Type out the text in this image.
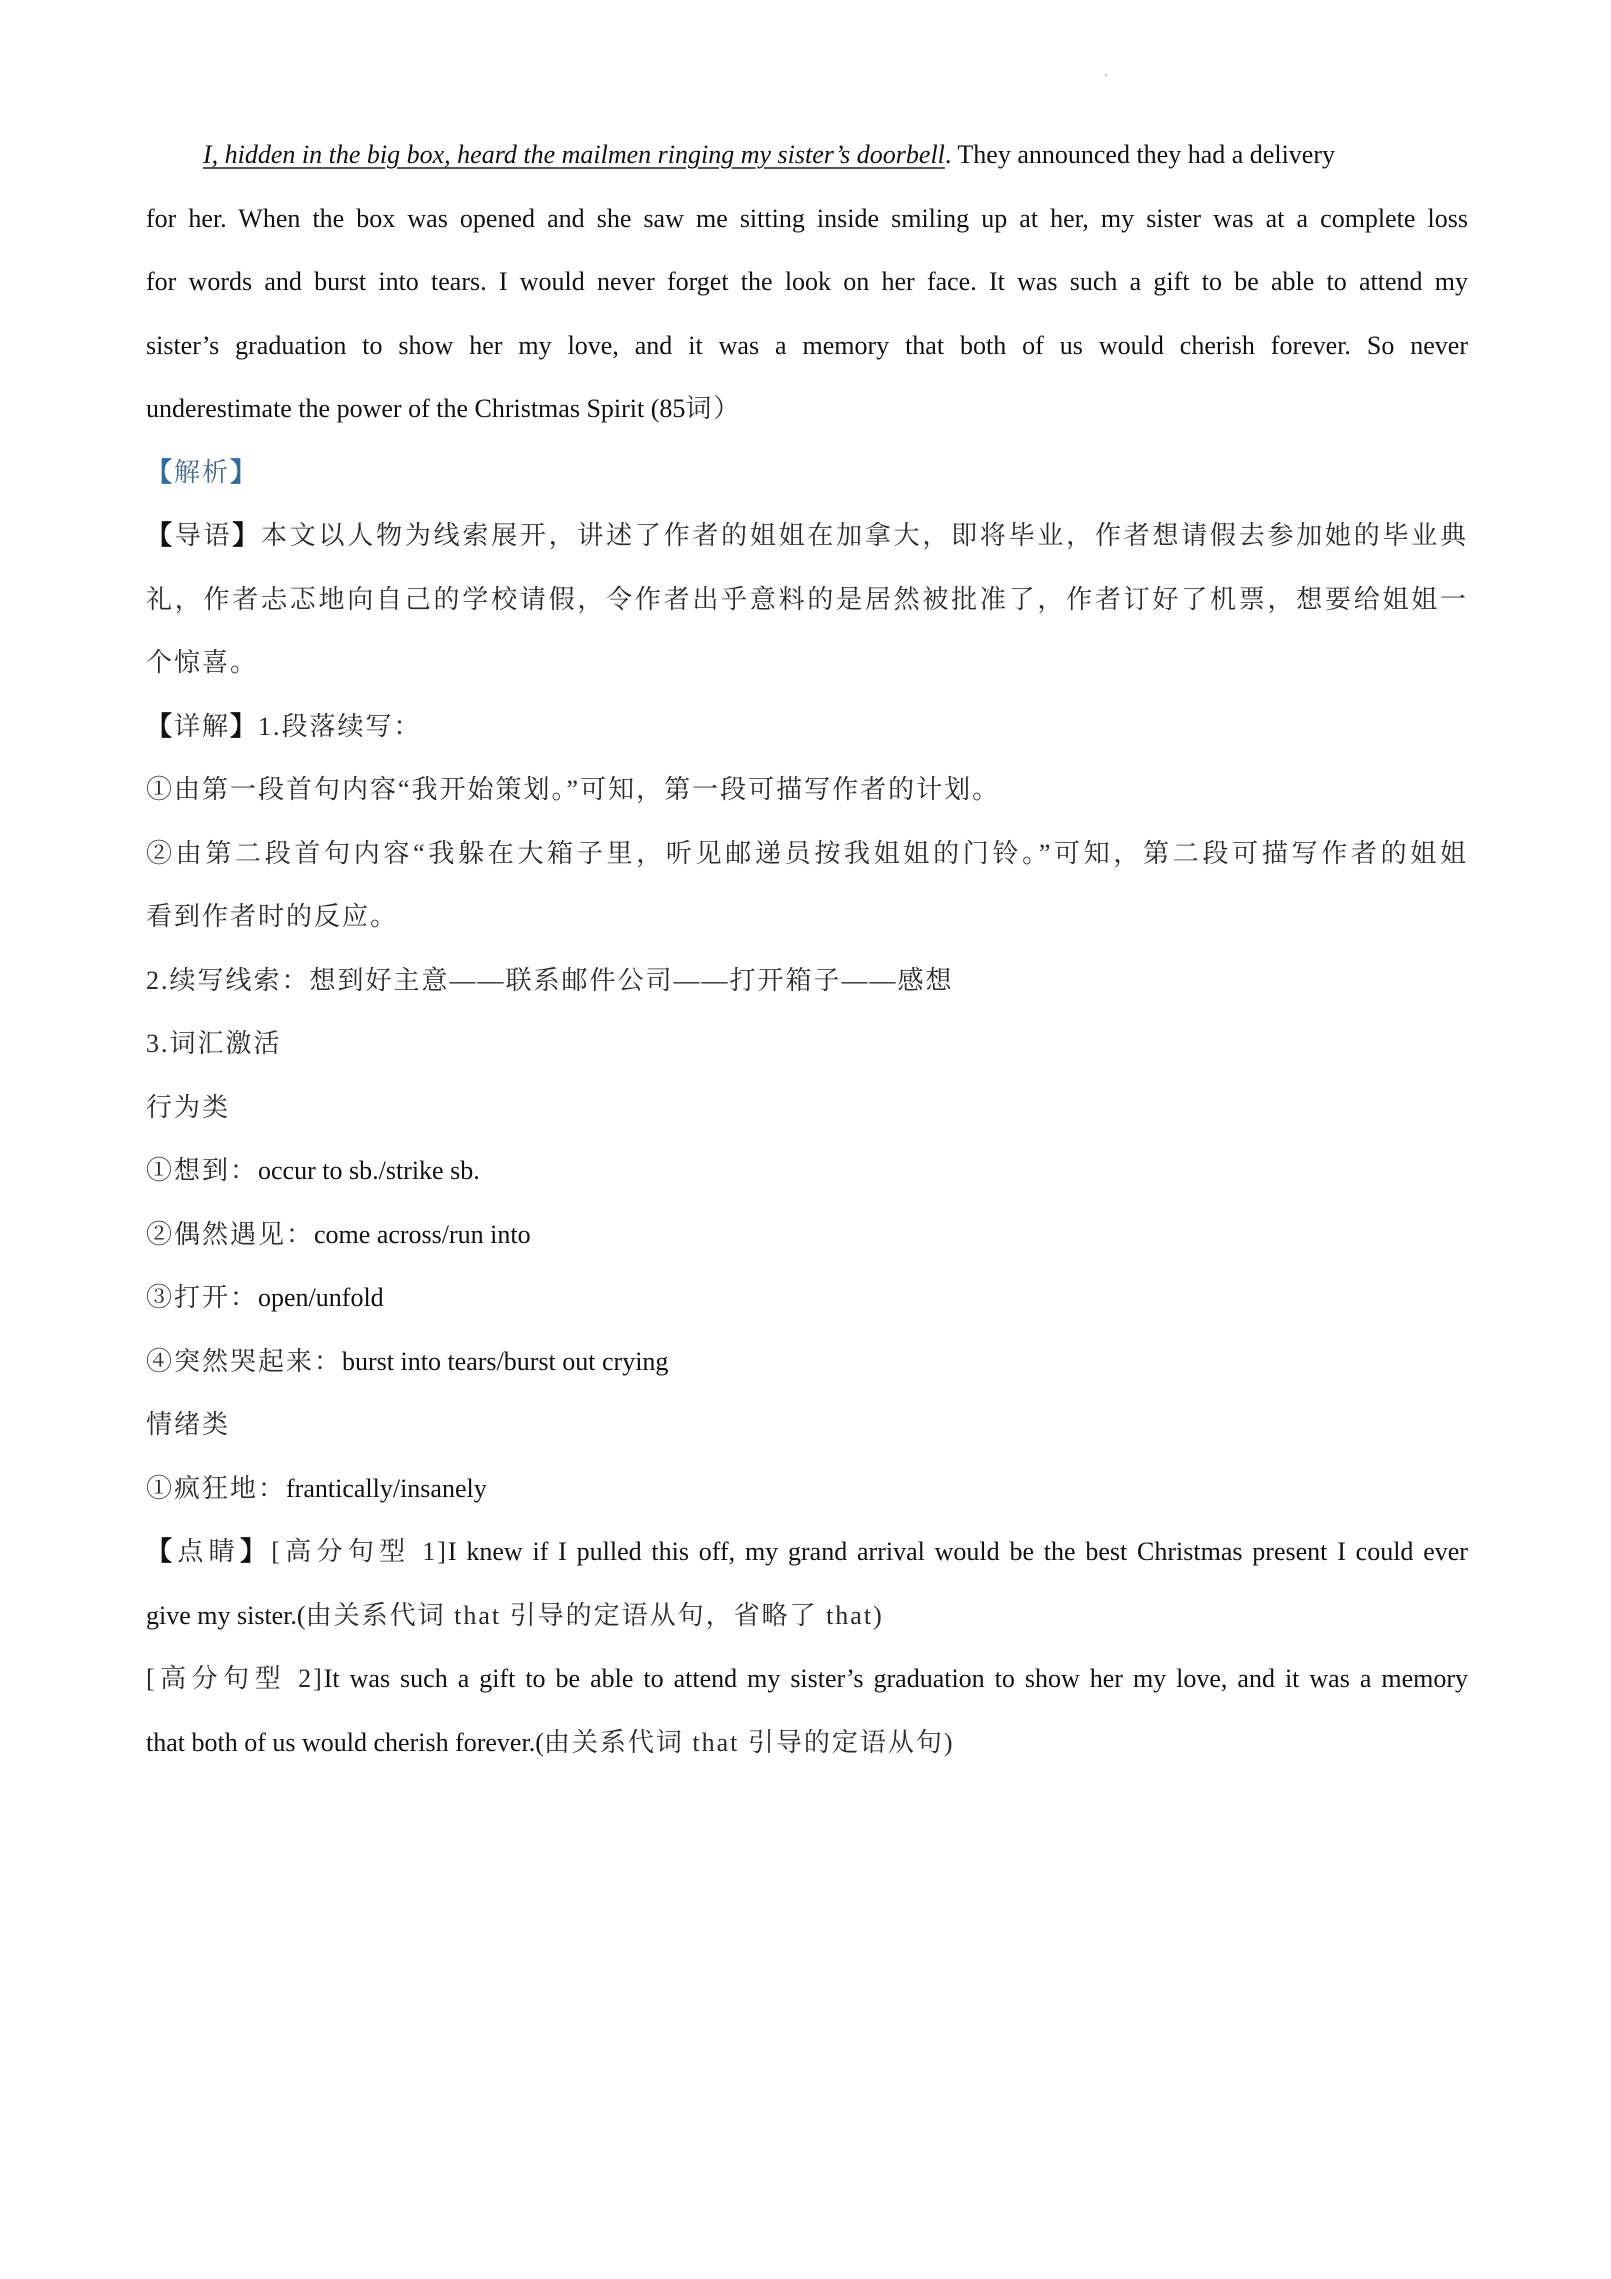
I, hidden in the big box, heard the mailmen ringing my sister’s doorbell . They announced they had a delivery
for her. When the box was opened and she saw me sitting inside smiling up at her, my sister was at a complete loss
for words and burst into tears. I would never forget the look on her face. It was such a gift to be able to attend my
sister’s graduation to show her my love, and it was a memory that both of us would cherish forever. So never
underestimate the power of the Christmas Spirit (85 词 ）
【解析】
【导语】本文以人物为线索展开，讲述了作者的姐姐在加拿大，即将毕业，作者想请假去参加她的毕业典
礼，作者忐忑地向自己的学校请假，令作者出乎意料的是居然被批准了，作者订好了机票，想要给姐姐一
个惊喜。
【 详解 】 1.段落续写：
①由第一段首句内容“我开始策划。”可知，第一段可描写作者的计划。
②由第二段首句内容“我躲在大箱子里，听见邮递员按我姐姐的门铃。”可知，第二段可描写作者的姐姐
看到作者时的反应。
2.续写线索：想到好主意——联系邮件公司——打开箱子——感想
3.词汇激活
行为类
①想到： occur to sb./strike sb.
②偶然遇见： come across/run into
③打开： open/unfold
④突然哭起来： burst into tears/burst out crying
情绪类
①疯狂地： frantically/insanely
【点睛】[高分句型 1]I knew if I pulled this off, my grand arrival would be the best Christmas present I could ever
give my sister.( 由关系代词 that 引导的定语从句，省略了 that)
[高分句型 2]It was such a gift to be able to attend my sister’s graduation to show her my love, and it was a memory
that both of us would cherish forever.( 由关系代词 that 引导的定语从句)
